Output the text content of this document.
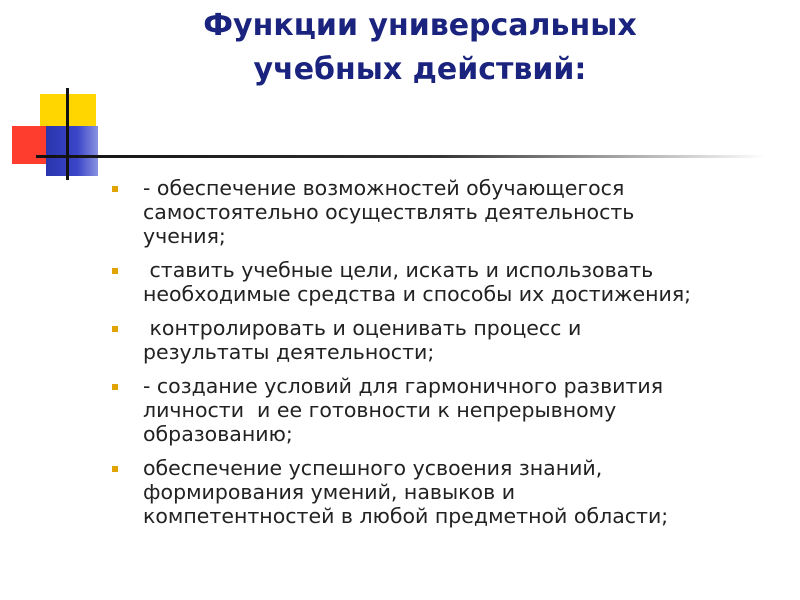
Функции универсальных
учебных действий:
- обеспечение возможностей обучающегося
самостоятельно осуществлять деятельность
учения;
ставить учебные цели, искать и использовать
необходимые средства и способы их достижения;
контролировать и оценивать процесс и
результаты деятельности;
- создание условий для гармоничного развития
личности  и ее готовности к непрерывному
образованию;
обеспечение успешного усвоения знаний,
формирования умений, навыков и
компетентностей в любой предметной области;
